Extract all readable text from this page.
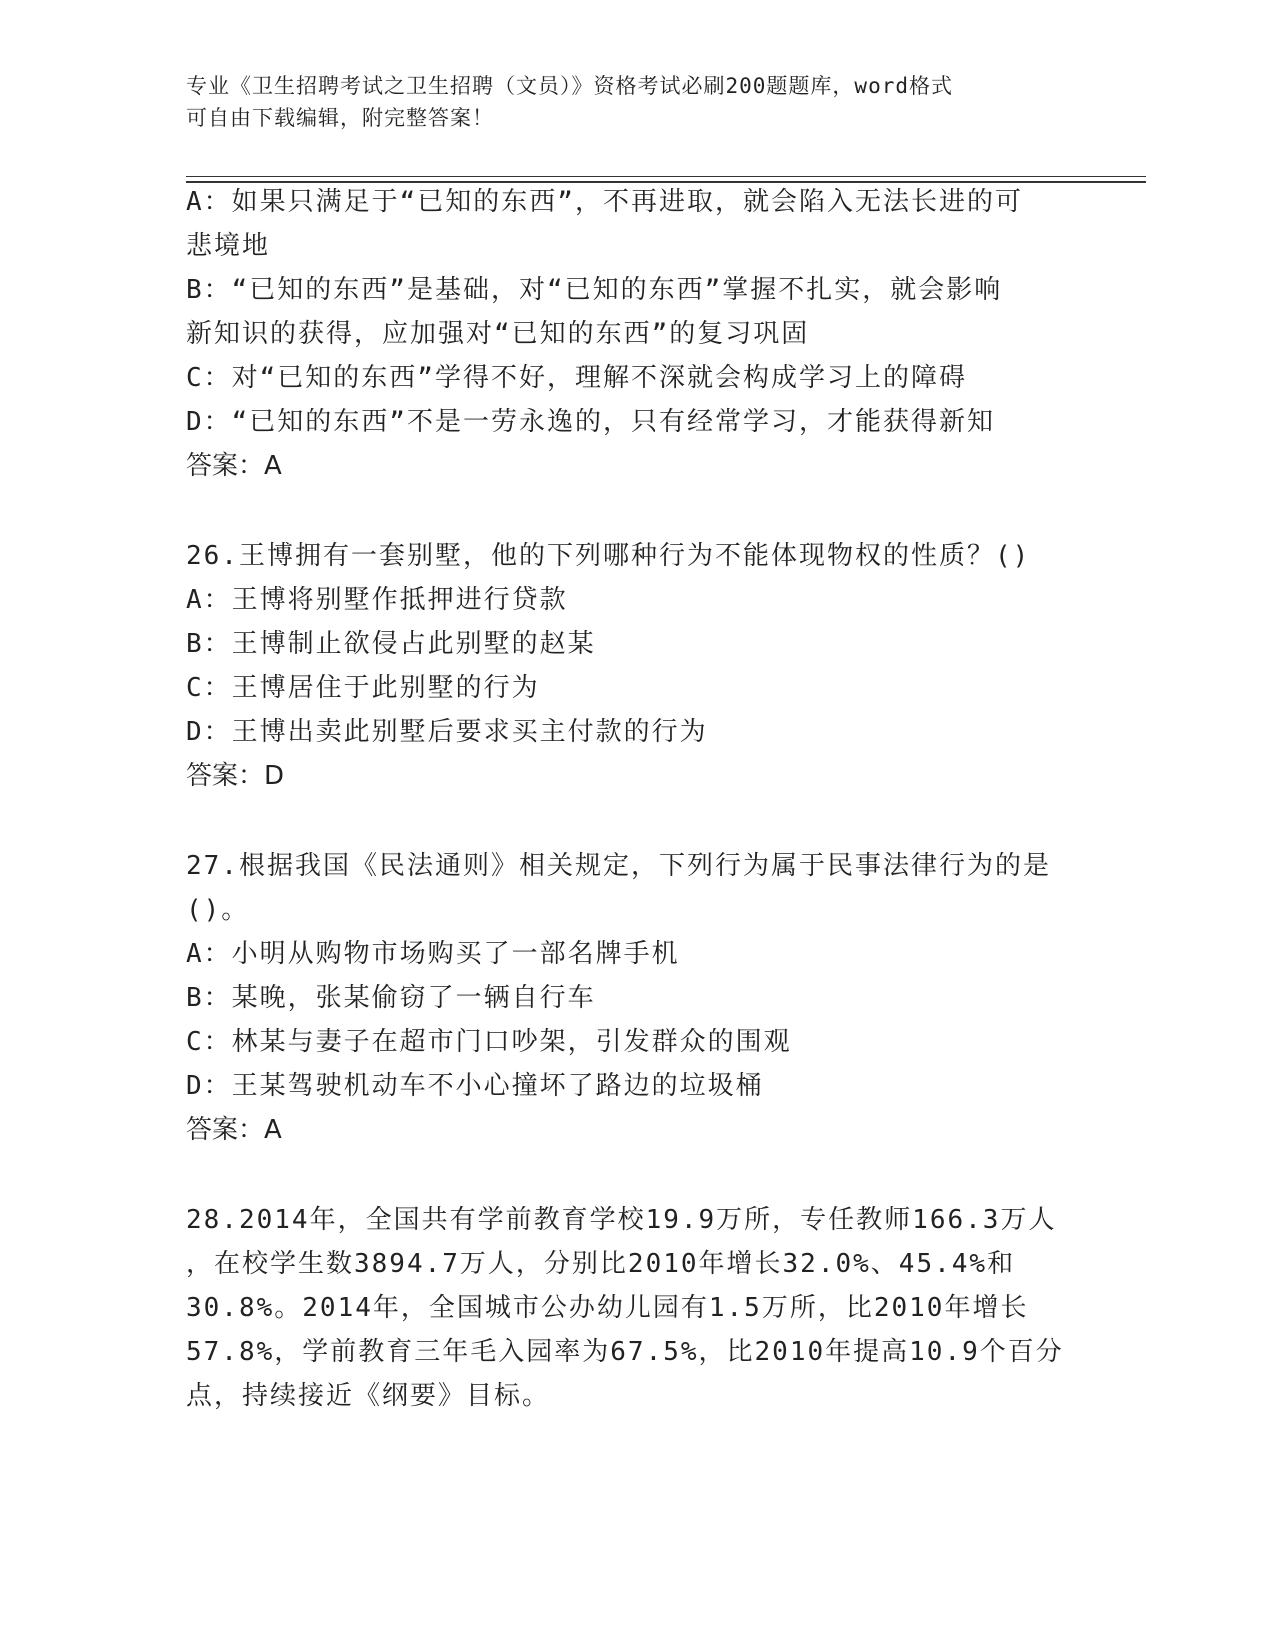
专业《卫生招聘考试之卫生招聘（文员）》资格考试必刷200题题库，word格式
可自由下载编辑，附完整答案！
A：如果只满足于“已知的东西”，不再进取，就会陷入无法长进的可
悲境地
B：“已知的东西”是基础，对“已知的东西”掌握不扎实，就会影响
新知识的获得，应加强对“已知的东西”的复习巩固
C：对“已知的东西”学得不好，理解不深就会构成学习上的障碍
D：“已知的东西”不是一劳永逸的，只有经常学习，才能获得新知
答案：A
26.王博拥有一套别墅，他的下列哪种行为不能体现物权的性质？()
A：王博将别墅作抵押进行贷款
B：王博制止欲侵占此别墅的赵某
C：王博居住于此别墅的行为
D：王博出卖此别墅后要求买主付款的行为
答案：D
27.根据我国《民法通则》相关规定，下列行为属于民事法律行为的是
()。
A：小明从购物市场购买了一部名牌手机
B：某晚，张某偷窃了一辆自行车
C：林某与妻子在超市门口吵架，引发群众的围观
D：王某驾驶机动车不小心撞坏了路边的垃圾桶
答案：A
28.2014年，全国共有学前教育学校19.9万所，专任教师166.3万人
，在校学生数3894.7万人，分别比2010年增长32.0%、45.4%和
30.8%。2014年，全国城市公办幼儿园有1.5万所，比2010年增长
57.8%，学前教育三年毛入园率为67.5%，比2010年提高10.9个百分
点，持续接近《纲要》目标。
